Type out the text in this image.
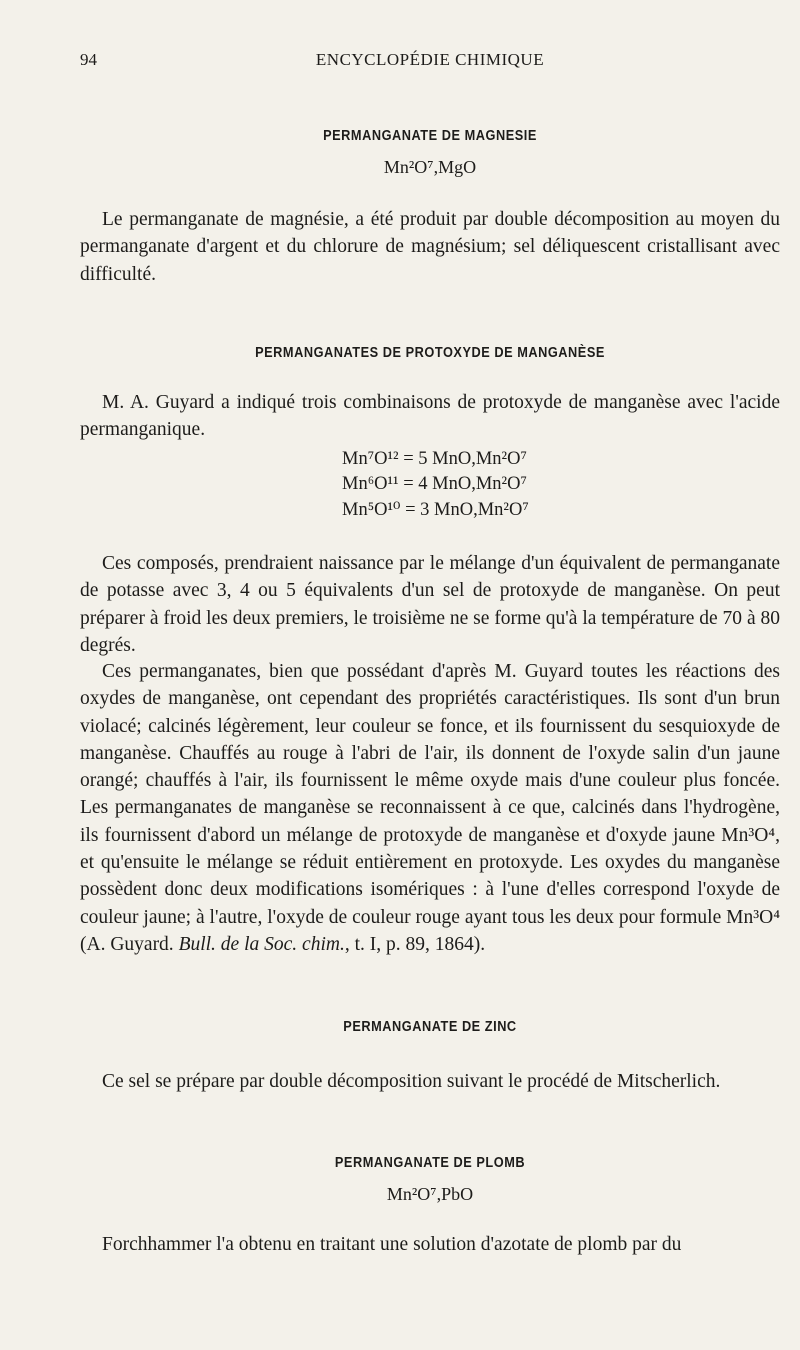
94	ENCYCLOPÉDIE CHIMIQUE
PERMANGANATE DE MAGNESIE
Mn²O⁷,MgO

Le permanganate de magnésie, a été produit par double décomposition au moyen du permanganate d'argent et du chlorure de magnésium; sel déliquescent cristallisant avec difficulté.

PERMANGANATES DE PROTOXYDE DE MANGANÈSE

M. A. Guyard a indiqué trois combinaisons de protoxyde de manganèse avec l'acide permanganique.

Mn⁷O¹² = 5 MnO,Mn²O⁷
Mn⁶O¹¹ = 4 MnO,Mn²O⁷
Mn⁵O¹⁰ = 3 MnO,Mn²O⁷

Ces composés, prendraient naissance par le mélange d'un équivalent de permanganate de potasse avec 3, 4 ou 5 équivalents d'un sel de protoxyde de manganèse. On peut préparer à froid les deux premiers, le troisième ne se forme qu'à la température de 70 à 80 degrés.

Ces permanganates, bien que possédant d'après M. Guyard toutes les réactions des oxydes de manganèse, ont cependant des propriétés caractéristiques. Ils sont d'un brun violacé; calcinés légèrement, leur couleur se fonce, et ils fournissent du sesquioxyde de manganèse. Chauffés au rouge à l'abri de l'air, ils donnent de l'oxyde salin d'un jaune orangé; chauffés à l'air, ils fournissent le même oxyde mais d'une couleur plus foncée. Les permanganates de manganèse se reconnaissent à ce que, calcinés dans l'hydrogène, ils fournissent d'abord un mélange de protoxyde de manganèse et d'oxyde jaune Mn³O⁴, et qu'ensuite le mélange se réduit entièrement en protoxyde. Les oxydes du manganèse possèdent donc deux modifications isomériques : à l'une d'elles correspond l'oxyde de couleur jaune; à l'autre, l'oxyde de couleur rouge ayant tous les deux pour formule Mn³O⁴ (A. Guyard. Bull. de la Soc. chim., t. I, p. 89, 1864).

PERMANGANATE DE ZINC

Ce sel se prépare par double décomposition suivant le procédé de Mitscherlich.

PERMANGANATE DE PLOMB
Mn²O⁷,PbO

Forchhammer l'a obtenu en traitant une solution d'azotate de plomb par du
